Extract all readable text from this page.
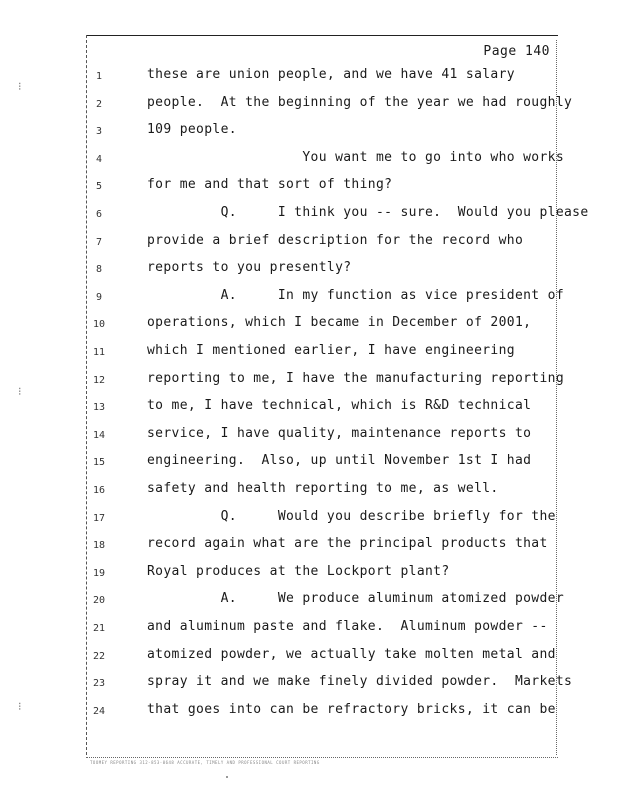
Page 140
1	these are union people, and we have 41 salary
2	people.  At the beginning of the year we had roughly
3	109 people.
4	You want me to go into who works
5	for me and that sort of thing?
6	Q.     I think you -- sure.  Would you please
7	provide a brief description for the record who
8	reports to you presently?
9	A.     In my function as vice president of
10	operations, which I became in December of 2001,
11	which I mentioned earlier, I have engineering
12	reporting to me, I have the manufacturing reporting
13	to me, I have technical, which is R&D technical
14	service, I have quality, maintenance reports to
15	engineering.  Also, up until November 1st I had
16	safety and health reporting to me, as well.
17	Q.     Would you describe briefly for the
18	record again what are the principal products that
19	Royal produces at the Lockport plant?
20	A.     We produce aluminum atomized powder
21	and aluminum paste and flake.  Aluminum powder --
22	atomized powder, we actually take molten metal and
23	spray it and we make finely divided powder.  Markets
24	that goes into can be refractory bricks, it can be
TOOMEY REPORTING 312-853-0648 ACCURATE, TIMELY AND PROFESSIONAL COURT REPORTING
⁝
⁝
⁝
